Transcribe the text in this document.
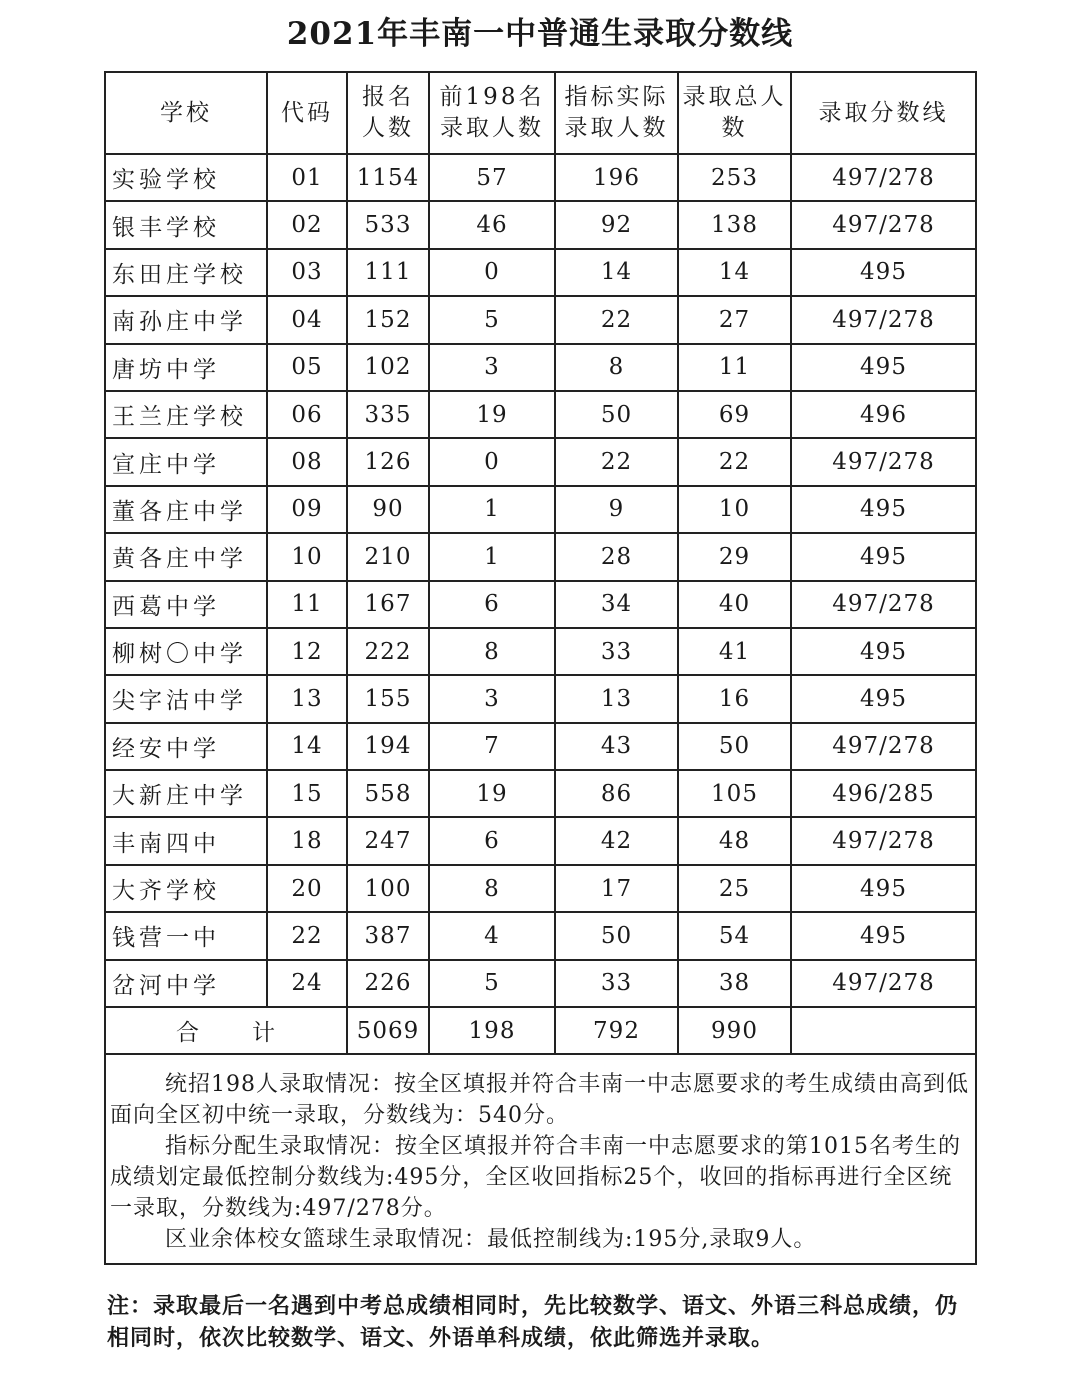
2021年丰南一中普通生录取分数线
学校	代码	报名人数	前198名录取人数	指标实际录取人数	录取总人数	录取分数线
实验学校	01	1154	57	196	253	497/278
银丰学校	02	533	46	92	138	497/278
东田庄学校	03	111	0	14	14	495
南孙庄中学	04	152	5	22	27	497/278
唐坊中学	05	102	3	8	11	495
王兰庄学校	06	335	19	50	69	496
宣庄中学	08	126	0	22	22	497/278
董各庄中学	09	90	1	9	10	495
黄各庄中学	10	210	1	28	29	495
西葛中学	11	167	6	34	40	497/278
柳树〇中学	12	222	8	33	41	495
尖字沽中学	13	155	3	13	16	495
经安中学	14	194	7	43	50	497/278
大新庄中学	15	558	19	86	105	496/285
丰南四中	18	247	6	42	48	497/278
大齐学校	20	100	8	17	25	495
钱营一中	22	387	4	50	54	495
岔河中学	24	226	5	33	38	497/278
合 计		5069	198	792	990	

统招198人录取情况：按全区填报并符合丰南一中志愿要求的考生成绩由高到低面向全区初中统一录取，分数线为：540分。

指标分配生录取情况：按全区填报并符合丰南一中志愿要求的第1015名考生的成绩划定最低控制分数线为:495分，全区收回指标25个，收回的指标再进行全区统一录取，分数线为:497/278分。

区业余体校女篮球生录取情况：最低控制线为:195分,录取9人。						

注：录取最后一名遇到中考总成绩相同时，先比较数学、语文、外语三科总成绩，仍相同时，依次比较数学、语文、外语单科成绩，依此筛选并录取。
